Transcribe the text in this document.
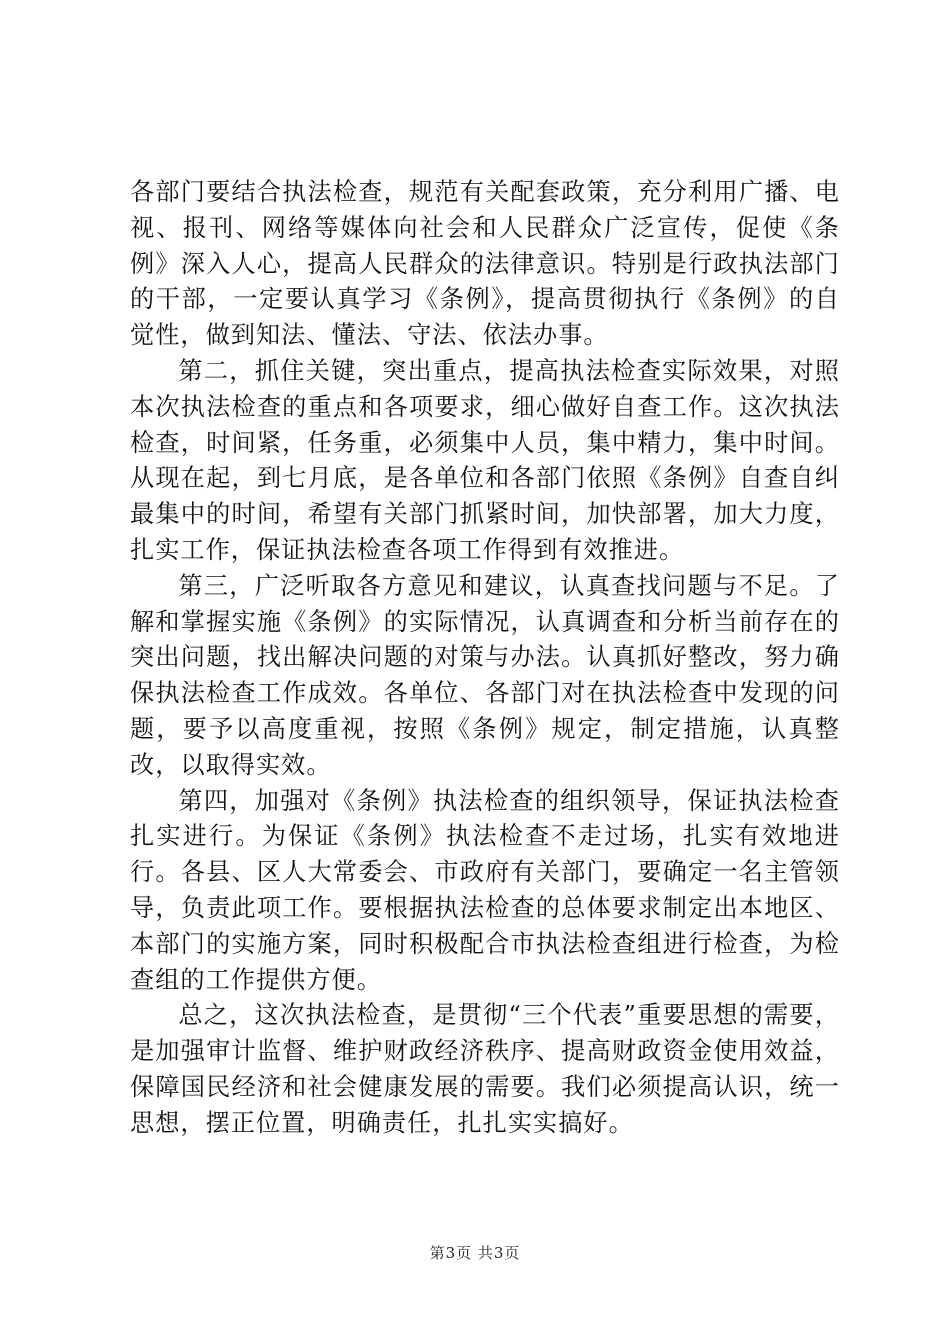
各部门要结合执法检查，规范有关配套政策，充分利用广播、电视、报刊、网络等媒体向社会和人民群众广泛宣传，促使《条例》深入人心，提高人民群众的法律意识。特别是行政执法部门的干部，一定要认真学习《条例》，提高贯彻执行《条例》的自觉性，做到知法、懂法、守法、依法办事。

第二，抓住关键，突出重点，提高执法检查实际效果，对照本次执法检查的重点和各项要求，细心做好自查工作。这次执法检查，时间紧，任务重，必须集中人员，集中精力，集中时间。从现在起，到七月底，是各单位和各部门依照《条例》自查自纠最集中的时间，希望有关部门抓紧时间，加快部署，加大力度，扎实工作，保证执法检查各项工作得到有效推进。

第三，广泛听取各方意见和建议，认真查找问题与不足。了解和掌握实施《条例》的实际情况，认真调查和分析当前存在的突出问题，找出解决问题的对策与办法。认真抓好整改，努力确保执法检查工作成效。各单位、各部门对在执法检查中发现的问题，要予以高度重视，按照《条例》规定，制定措施，认真整改，以取得实效。

第四，加强对《条例》执法检查的组织领导，保证执法检查扎实进行。为保证《条例》执法检查不走过场，扎实有效地进行。各县、区人大常委会、市政府有关部门，要确定一名主管领导，负责此项工作。要根据执法检查的总体要求制定出本地区、本部门的实施方案，同时积极配合市执法检查组进行检查，为检查组的工作提供方便。

总之，这次执法检查，是贯彻“三个代表”重要思想的需要，是加强审计监督、维护财政经济秩序、提高财政资金使用效益，保障国民经济和社会健康发展的需要。我们必须提高认识，统一思想，摆正位置，明确责任，扎扎实实搞好。

第3页 共3页
